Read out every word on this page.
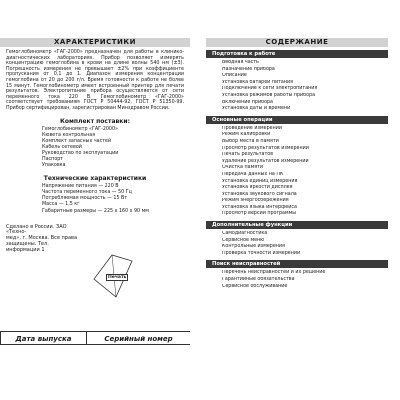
ХАРАКТЕРИСТИКИ

Гемоглобинометр «ГАГ-2000» предназначен для работы в клинико-диагностических лабораториях. Прибор позволяет измерять концентрацию гемоглобина в крови на длине волны 540 нм (±3). Погрешность измерения не превышает ±2% при коэффициенте пропускания от 0,1 до 1. Диапазон измерения концентрации гемоглобина от 20 до 200 г/л. Время готовности к работе не более 15 минут. Гемоглобинометр имеет встроенный принтер для печати результатов. Электропитание прибора осуществляется от сети переменного тока 220 В. Гемоглобинометр «ГАГ-2000» соответствует требованиям ГОСТ Р 50444-92, ГОСТ Р 51350-99. Прибор сертифицирован, зарегистрирован Минздравом России.

Комплект поставки:
Гемоглобинометр «ГАГ-2000»
Кювета контрольная
Комплект запасных частей
Кабель сетевой
Руководство по эксплуатации
Паспорт
Упаковка
Технические характеристики
Напряжение питания — 220 В
Частота переменного тока — 50 Гц
Потребляемая мощность — 15 Вт
Масса — 1,5 кг
Габаритные размеры — 225 х 160 х 90 мм
Сделано в России. ЗАО «Техно-
мед», г. Москва. Все права
защищены. Тел. информации 1
Печать
Дата выпуска	Серийный номер
СОДЕРЖАНИЕ
Подготовка к работе
Вводная часть
Назначение прибора
Описание
Установка батарей питания
Подключение к сети электропитания
Установка режимов работы прибора
Включение прибора
Установка даты и времени
Основные операции
Проведение измерений
Режим калибровки
Выбор места в памяти
Просмотр результатов измерений
Печать результатов
Удаление результатов измерений
Очистка памяти
Передача данных на ПК
Установка единиц измерения
Установка яркости дисплея
Установка звукового сигнала
Режим энергосбережения
Установка языка интерфейса
Просмотр версии программы
Дополнительные функции
Самодиагностика
Сервисное меню
Контрольные измерения
Проверка точности измерений
Поиск неисправностей
Перечень неисправностей и их решение
Гарантийные обязательства
Сервисное обслуживание
